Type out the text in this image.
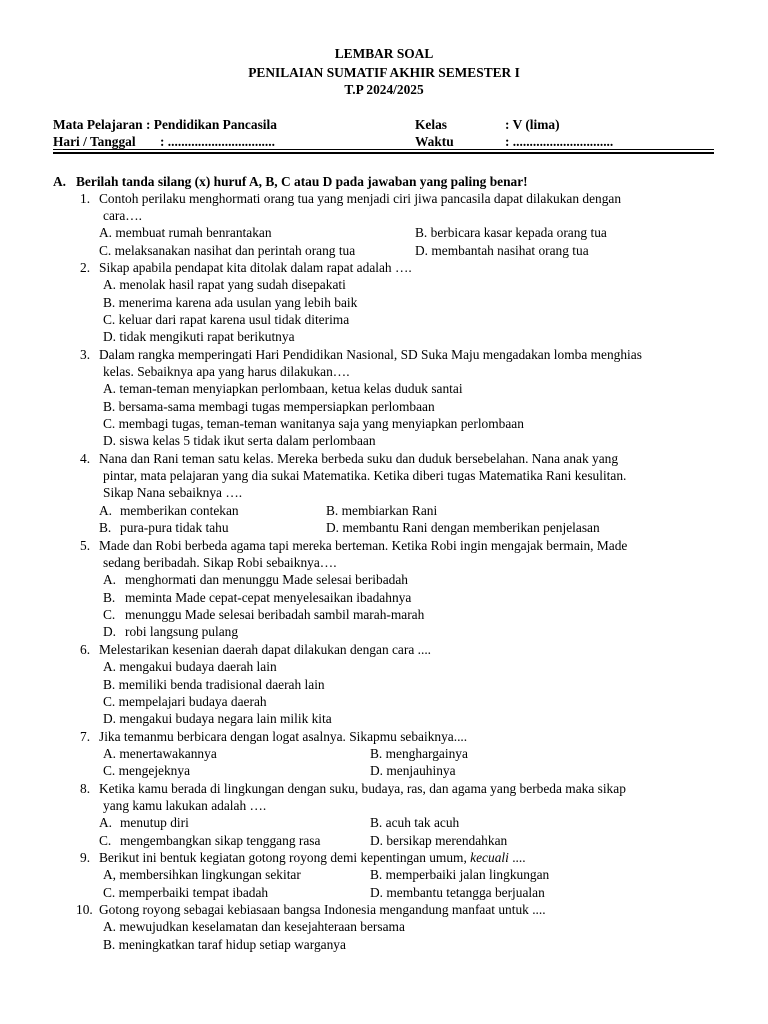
LEMBAR SOAL
PENILAIAN SUMATIF AKHIR SEMESTER I
T.P 2024/2025
Mata Pelajaran : Pendidikan Pancasila	Kelas	: V (lima)
Hari / Tanggal : ................................	Waktu	: ..............................
A. Berilah tanda silang (x) huruf A, B, C atau D pada jawaban yang paling benar!
1. Contoh perilaku menghormati orang tua yang menjadi ciri jiwa pancasila dapat dilakukan dengan
cara….
A. membuat rumah benrantakan	B. berbicara kasar kepada orang tua
C. melaksanakan nasihat dan perintah orang tua	D. membantah nasihat orang tua
2. Sikap apabila pendapat kita ditolak dalam rapat adalah ….
A. menolak hasil rapat yang sudah disepakati
B. menerima karena ada usulan yang lebih baik
C. keluar dari rapat karena usul tidak diterima
D. tidak mengikuti rapat berikutnya
3. Dalam rangka memperingati Hari Pendidikan Nasional, SD Suka Maju mengadakan lomba menghias
kelas. Sebaiknya apa yang harus dilakukan….
A. teman-teman menyiapkan perlombaan, ketua kelas duduk santai
B. bersama-sama membagi tugas mempersiapkan perlombaan
C. membagi tugas, teman-teman wanitanya saja yang menyiapkan perlombaan
D. siswa kelas 5 tidak ikut serta dalam perlombaan
4. Nana dan Rani teman satu kelas. Mereka berbeda suku dan duduk bersebelahan. Nana anak yang
pintar, mata pelajaran yang dia sukai Matematika. Ketika diberi tugas Matematika Rani kesulitan.
Sikap Nana sebaiknya ….
A. memberikan contekan	B. membiarkan Rani
B. pura-pura tidak tahu	D. membantu Rani dengan memberikan penjelasan
5. Made dan Robi berbeda agama tapi mereka berteman. Ketika Robi ingin mengajak bermain, Made
sedang beribadah. Sikap Robi sebaiknya….
A. menghormati dan menunggu Made selesai beribadah
B. meminta Made cepat-cepat menyelesaikan ibadahnya
C. menunggu Made selesai beribadah sambil marah-marah
D. robi langsung pulang
6. Melestarikan kesenian daerah dapat dilakukan dengan cara ....
A. mengakui budaya daerah lain
B. memiliki benda tradisional daerah lain
C. mempelajari budaya daerah
D. mengakui budaya negara lain milik kita
7. Jika temanmu berbicara dengan logat asalnya. Sikapmu sebaiknya....
A. menertawakannya	B. menghargainya
C. mengejeknya	D. menjauhinya
8. Ketika kamu berada di lingkungan dengan suku, budaya, ras, dan agama yang berbeda maka sikap
yang kamu lakukan adalah ….
A. menutup diri	B. acuh tak acuh
C. mengembangkan sikap tenggang rasa	D. bersikap merendahkan
9. Berikut ini bentuk kegiatan gotong royong demi kepentingan umum, kecuali ....
A, membersihkan lingkungan sekitar	B. memperbaiki jalan lingkungan
C. memperbaiki tempat ibadah	D. membantu tetangga berjualan
10. Gotong royong sebagai kebiasaan bangsa Indonesia mengandung manfaat untuk ....
A. mewujudkan keselamatan dan kesejahteraan bersama
B. meningkatkan taraf hidup setiap warganya
